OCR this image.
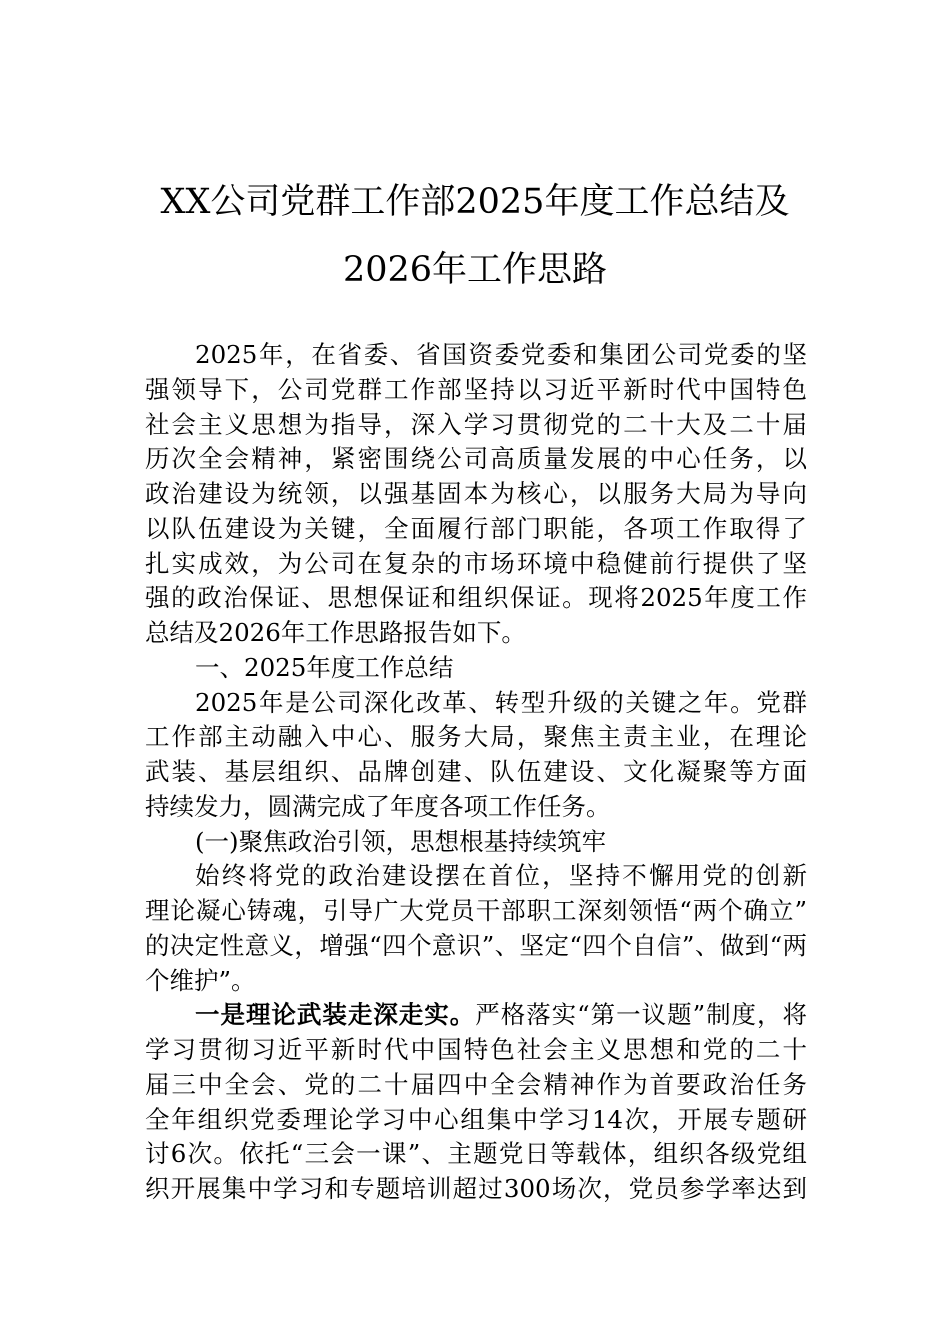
XX公司党群工作部2025年度工作总结及
2026年工作思路
2025年，在省委、省国资委党委和集团公司党委的坚
强领导下，公司党群工作部坚持以习近平新时代中国特色
社会主义思想为指导，深入学习贯彻党的二十大及二十届
历次全会精神，紧密围绕公司高质量发展的中心任务，以
政治建设为统领，以强基固本为核心，以服务大局为导向
以队伍建设为关键，全面履行部门职能，各项工作取得了
扎实成效，为公司在复杂的市场环境中稳健前行提供了坚
强的政治保证、思想保证和组织保证。现将2025年度工作
总结及2026年工作思路报告如下。
一、2025年度工作总结
2025年是公司深化改革、转型升级的关键之年。党群
工作部主动融入中心、服务大局，聚焦主责主业，在理论
武装、基层组织、品牌创建、队伍建设、文化凝聚等方面
持续发力，圆满完成了年度各项工作任务。
(一)聚焦政治引领，思想根基持续筑牢
始终将党的政治建设摆在首位，坚持不懈用党的创新
理论凝心铸魂，引导广大党员干部职工深刻领悟“两个确立”
的决定性意义，增强“四个意识”、坚定“四个自信”、做到“两
个维护”。
一是理论武装走深走实。严格落实“第一议题”制度，将
学习贯彻习近平新时代中国特色社会主义思想和党的二十
届三中全会、党的二十届四中全会精神作为首要政治任务
全年组织党委理论学习中心组集中学习14次，开展专题研
讨6次。依托“三会一课”、主题党日等载体，组织各级党组
织开展集中学习和专题培训超过300场次，党员参学率达到
